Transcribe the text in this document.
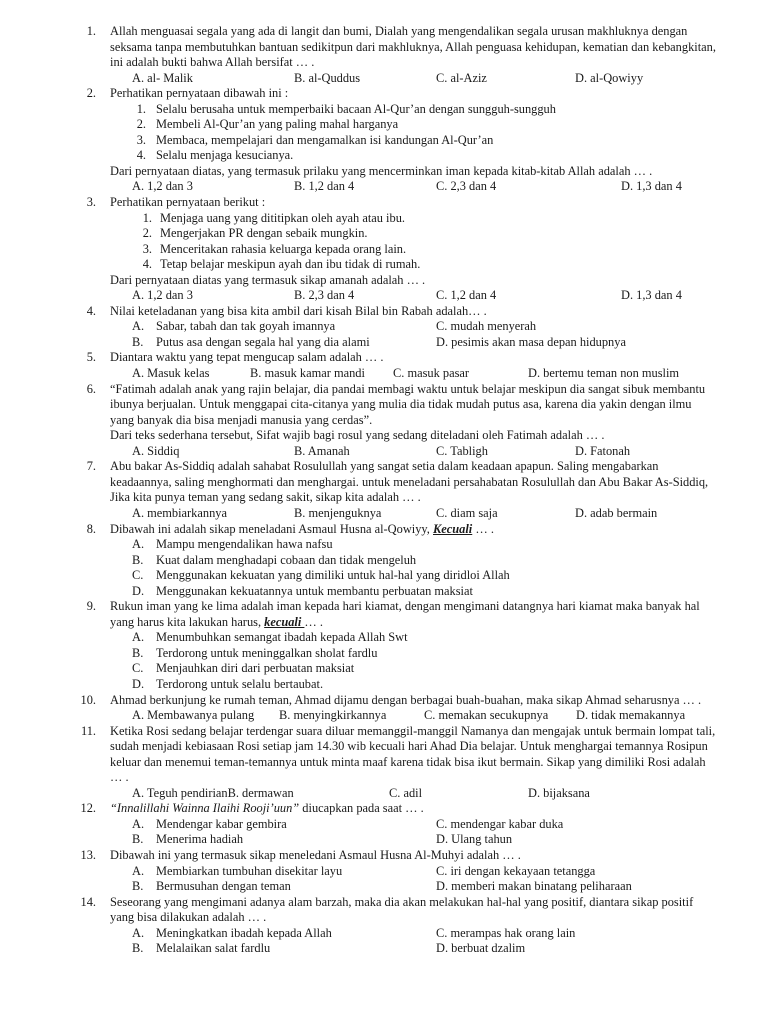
1. Allah menguasai segala yang ada di langit dan bumi, Dialah yang mengendalikan segala urusan makhluknya dengan seksama tanpa membutuhkan bantuan sedikitpun dari makhluknya, Allah penguasa kehidupan, kematian dan kebangkitan, ini adalah bukti bahwa Allah bersifat … .
A. al- Malik	B. al-Quddus	C. al-Aziz	D. al-Qowiyy
2. Perhatikan pernyataan dibawah ini :
1. Selalu berusaha untuk memperbaiki bacaan Al-Qur’an dengan sungguh-sungguh
2. Membeli Al-Qur’an yang paling mahal harganya
3. Membaca, mempelajari dan mengamalkan isi kandungan Al-Qur’an
4. Selalu menjaga kesucianya.
Dari pernyataan diatas, yang termasuk prilaku yang mencerminkan iman kepada kitab-kitab Allah adalah … .
A. 1,2 dan 3	B. 1,2 dan 4	C. 2,3 dan 4	D. 1,3 dan 4
3. Perhatikan pernyataan berikut :
1. Menjaga uang yang dititipkan oleh ayah atau ibu.
2. Mengerjakan PR dengan sebaik mungkin.
3. Menceritakan rahasia keluarga kepada orang lain.
4. Tetap belajar meskipun ayah dan ibu tidak di rumah.
Dari pernyataan diatas yang termasuk sikap amanah adalah … .
A. 1,2 dan 3	B. 2,3 dan 4	C. 1,2 dan 4	D. 1,3 dan 4
4. Nilai keteladanan yang bisa kita ambil dari kisah Bilal bin Rabah adalah… .
A. Sabar, tabah dan tak goyah imannya	C. mudah menyerah
B. Putus asa dengan segala hal yang dia alami	D. pesimis akan masa depan hidupnya
5. Diantara waktu yang tepat mengucap salam adalah … .
A. Masuk kelas	B. masuk kamar mandi C. masuk pasar	D. bertemu teman non muslim
6. “Fatimah adalah anak yang rajin belajar, dia pandai membagi waktu untuk belajar meskipun dia sangat sibuk membantu ibunya berjualan. Untuk menggapai cita-citanya yang mulia dia tidak mudah putus asa, karena dia yakin dengan ilmu yang banyak dia bisa menjadi manusia yang cerdas”.
Dari teks sederhana tersebut, Sifat wajib bagi rosul yang sedang diteladani oleh Fatimah adalah … .
A. Siddiq	B. Amanah	C. Tabligh	D. Fatonah
7. Abu bakar As-Siddiq adalah sahabat Rosulullah yang sangat setia dalam keadaan apapun. Saling mengabarkan keadaannya, saling menghormati dan menghargai. untuk meneladani persahabatan Rosulullah dan Abu Bakar As-Siddiq, Jika kita punya teman yang sedang sakit, sikap kita adalah … .
A. membiarkannya	B. menjenguknya	C. diam saja	D. adab bermain
8. Dibawah ini adalah sikap meneladani Asmaul Husna al-Qowiyy, Kecuali … .
A. Mampu mengendalikan hawa nafsu
B. Kuat dalam menghadapi cobaan dan tidak mengeluh
C. Menggunakan kekuatan yang dimiliki untuk hal-hal yang diridloi Allah
D. Menggunakan kekuatannya untuk membantu perbuatan maksiat
9. Rukun iman yang ke lima adalah iman kepada hari kiamat, dengan mengimani datangnya hari kiamat maka banyak hal yang harus kita lakukan harus, kecuali … .
A. Menumbuhkan semangat ibadah kepada Allah Swt
B. Terdorong untuk meninggalkan sholat fardlu
C. Menjauhkan diri dari perbuatan maksiat
D. Terdorong untuk selalu bertaubat.
10. Ahmad berkunjung ke rumah teman, Ahmad dijamu dengan berbagai buah-buahan, maka sikap Ahmad seharusnya … .
A. Membawanya pulang B. menyingkirkannya	C. memakan secukupnya D. tidak memakannya
11. Ketika Rosi sedang belajar terdengar suara diluar memanggil-manggil Namanya dan mengajak untuk bermain lompat tali, sudah menjadi kebiasaan Rosi setiap jam 14.30 wib kecuali hari Ahad Dia belajar. Untuk menghargai temannya Rosipun keluar dan menemui teman-temannya untuk minta maaf karena tidak bisa ikut bermain. Sikap yang dimiliki Rosi adalah … .
A. Teguh pendirianB. dermawan	C. adil	D. bijaksana
12. “Innalillahi Wainna Ilaihi Rooji’uun” diucapkan pada saat … .
A. Mendengar kabar gembira	C. mendengar kabar duka
B. Menerima hadiah	D. Ulang tahun
13. Dibawah ini yang termasuk sikap meneledani Asmaul Husna Al-Muhyi adalah … .
A. Membiarkan tumbuhan disekitar layu	C. iri dengan kekayaan tetangga
B. Bermusuhan dengan teman	D. memberi makan binatang peliharaan
14. Seseorang yang mengimani adanya alam barzah, maka dia akan melakukan hal-hal yang positif, diantara sikap positif yang bisa dilakukan adalah … .
A. Meningkatkan ibadah kepada Allah	C. merampas hak orang lain
B. Melalaikan salat fardlu	D. berbuat dzalim
